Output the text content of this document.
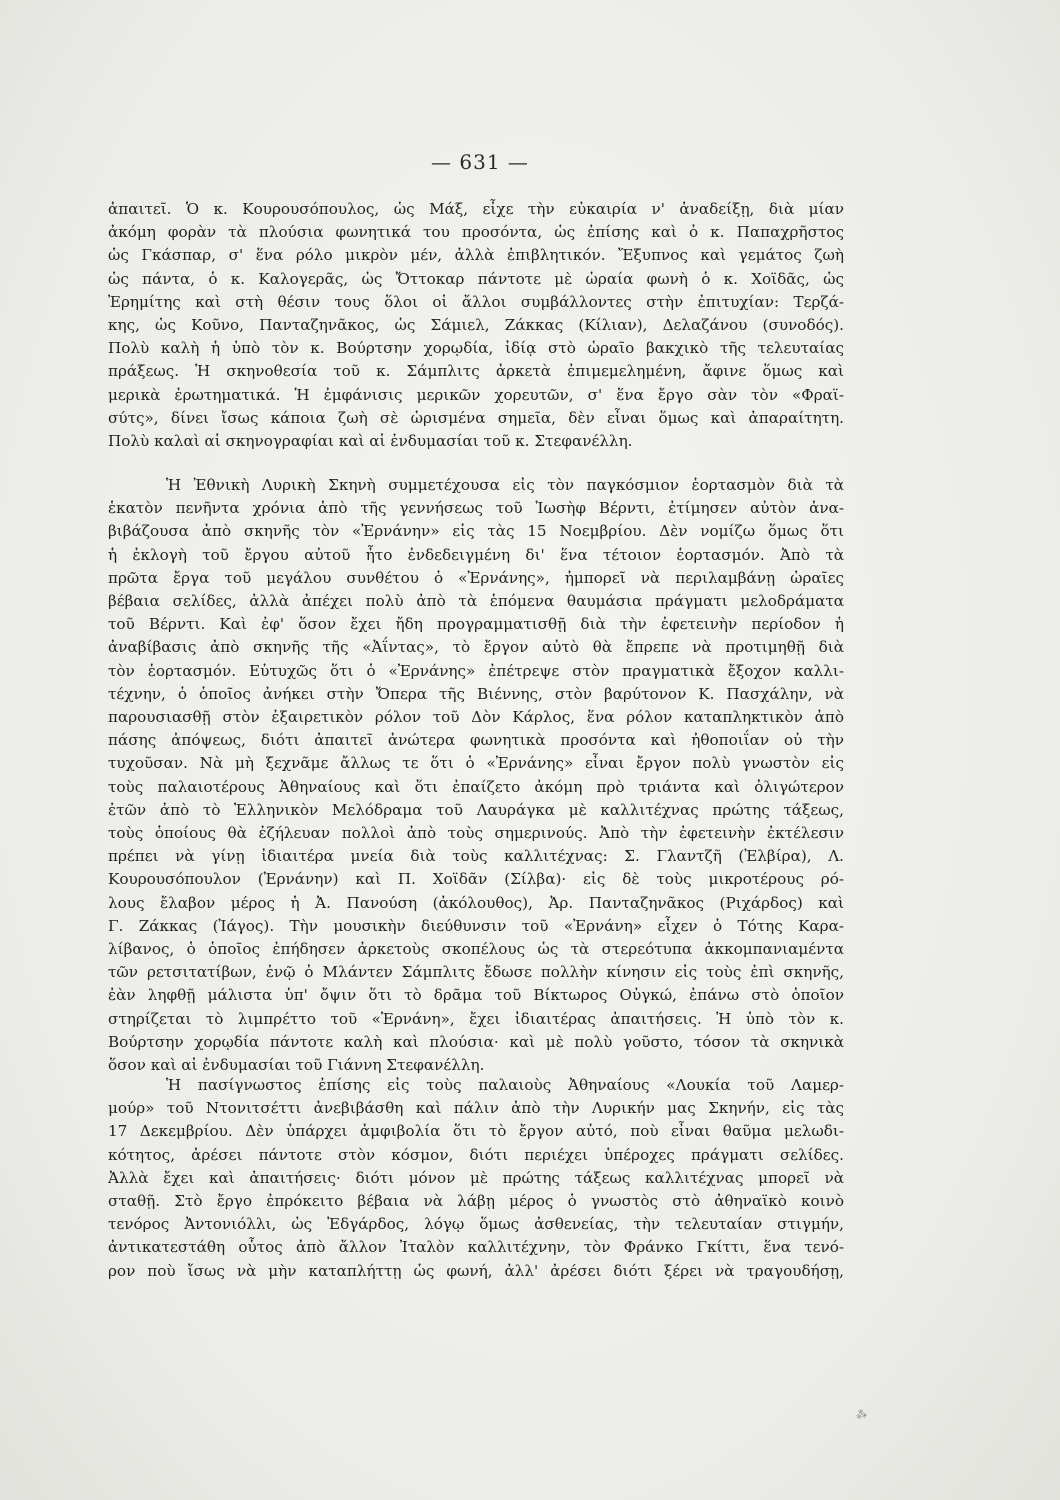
— 631 —
ἀπαιτεῖ. Ὁ κ. Κουρουσόπουλος, ὡς Μάξ, εἶχε τὴν εὐκαιρία ν' ἀναδείξῃ, διὰ μίαν
ἀκόμη φορὰν τὰ πλούσια φωνητικά του προσόντα, ὡς ἐπίσης καὶ ὁ κ. Παπαχρῆστος
ὡς Γκάσπαρ, σ' ἕνα ρόλο μικρὸν μέν, ἀλλὰ ἐπιβλητικόν. Ἔξυπνος καὶ γεμάτος ζωὴ
ὡς πάντα, ὁ κ. Καλογερᾶς, ὡς Ὄττοκαρ πάντοτε μὲ ὡραία φωνὴ ὁ κ. Χοϊδᾶς, ὡς
Ἐρημίτης καὶ στὴ θέσιν τους ὅλοι οἱ ἄλλοι συμβάλλοντες στὴν ἐπιτυχίαν: Τερζά-
κης, ὡς Κοῦνο, Πανταζηνᾶκος, ὡς Σάμιελ, Ζάκκας (Κίλιαν), Δελαζάνου (συνοδός).
Πολὺ καλὴ ἡ ὑπὸ τὸν κ. Βούρτσην χορῳδία, ἰδίᾳ στὸ ὡραῖο βακχικὸ τῆς τελευταίας
πράξεως. Ἡ σκηνοθεσία τοῦ κ. Σάμπλιτς ἀρκετὰ ἐπιμεμελημένη, ἄφινε ὅμως καὶ
μερικὰ ἐρωτηματικά. Ἡ ἐμφάνισις μερικῶν χορευτῶν, σ' ἕνα ἔργο σὰν τὸν «Φραϊ-
σύτς», δίνει ἴσως κάποια ζωὴ σὲ ὡρισμένα σημεῖα, δὲν εἶναι ὅμως καὶ ἀπαραίτητη.
Πολὺ καλαὶ αἱ σκηνογραφίαι καὶ αἱ ἐνδυμασίαι τοῦ κ. Στεφανέλλη.
Ἡ Ἐθνικὴ Λυρικὴ Σκηνὴ συμμετέχουσα εἰς τὸν παγκόσμιον ἑορτασμὸν διὰ τὰ
ἑκατὸν πενῆντα χρόνια ἀπὸ τῆς γεννήσεως τοῦ Ἰωσὴφ Βέρντι, ἐτίμησεν αὐτὸν ἀνα-
βιβάζουσα ἀπὸ σκηνῆς τὸν «Ἐρνάνην» εἰς τὰς 15 Νοεμβρίου. Δὲν νομίζω ὅμως ὅτι
ἡ ἐκλογὴ τοῦ ἔργου αὐτοῦ ἦτο ἐνδεδειγμένη δι' ἕνα τέτοιον ἑορτασμόν. Ἀπὸ τὰ
πρῶτα ἔργα τοῦ μεγάλου συνθέτου ὁ «Ἐρνάνης», ἠμπορεῖ νὰ περιλαμβάνῃ ὡραῖες
βέβαια σελίδες, ἀλλὰ ἀπέχει πολὺ ἀπὸ τὰ ἑπόμενα θαυμάσια πράγματι μελοδράματα
τοῦ Βέρντι. Καὶ ἐφ' ὅσον ἔχει ἤδη προγραμματισθῇ διὰ τὴν ἐφετεινὴν περίοδον ἡ
ἀναβίβασις ἀπὸ σκηνῆς τῆς «Ἀΐντας», τὸ ἔργον αὐτὸ θὰ ἔπρεπε νὰ προτιμηθῇ διὰ
τὸν ἑορτασμόν. Εὐτυχῶς ὅτι ὁ «Ἐρνάνης» ἐπέτρεψε στὸν πραγματικὰ ἔξοχον καλλι-
τέχνην, ὁ ὁποῖος ἀνήκει στὴν Ὄπερα τῆς Βιέννης, στὸν βαρύτονον Κ. Πασχάλην, νὰ
παρουσιασθῇ στὸν ἐξαιρετικὸν ρόλον τοῦ Δὸν Κάρλος, ἕνα ρόλον καταπληκτικὸν ἀπὸ
πάσης ἀπόψεως, διότι ἀπαιτεῖ ἀνώτερα φωνητικὰ προσόντα καὶ ἠθοποιΐαν οὐ τὴν
τυχοῦσαν. Νὰ μὴ ξεχνᾶμε ἄλλως τε ὅτι ὁ «Ἐρνάνης» εἶναι ἔργον πολὺ γνωστὸν εἰς
τοὺς παλαιοτέρους Ἀθηναίους καὶ ὅτι ἐπαίζετο ἀκόμη πρὸ τριάντα καὶ ὀλιγώτερον
ἐτῶν ἀπὸ τὸ Ἑλληνικὸν Μελόδραμα τοῦ Λαυράγκα μὲ καλλιτέχνας πρώτης τάξεως,
τοὺς ὁποίους θὰ ἐζήλευαν πολλοὶ ἀπὸ τοὺς σημερινούς. Ἀπὸ τὴν ἐφετεινὴν ἐκτέλεσιν
πρέπει νὰ γίνῃ ἰδιαιτέρα μνεία διὰ τοὺς καλλιτέχνας: Σ. Γλαντζῆ (Ἐλβίρα), Λ.
Κουρουσόπουλον (Ἐρνάνην) καὶ Π. Χοϊδᾶν (Σίλβα)· εἰς δὲ τοὺς μικροτέρους ρό-
λους ἔλαβον μέρος ἡ Ἀ. Πανούση (ἀκόλουθος), Ἀρ. Πανταζηνᾶκος (Ριχάρδος) καὶ
Γ. Ζάκκας (Ἰάγος). Τὴν μουσικὴν διεύθυνσιν τοῦ «Ἐρνάνη» εἶχεν ὁ Τότης Καρα-
λίβανος, ὁ ὁποῖος ἐπήδησεν ἀρκετοὺς σκοπέλους ὡς τὰ στερεότυπα ἀκκομπανιαμέντα
τῶν ρετσιτατίβων, ἐνῷ ὁ Μλάντεν Σάμπλιτς ἔδωσε πολλὴν κίνησιν εἰς τοὺς ἐπὶ σκηνῆς,
ἐὰν ληφθῇ μάλιστα ὑπ' ὄψιν ὅτι τὸ δρᾶμα τοῦ Βίκτωρος Οὐγκώ, ἐπάνω στὸ ὁποῖον
στηρίζεται τὸ λιμπρέττο τοῦ «Ἐρνάνη», ἔχει ἰδιαιτέρας ἀπαιτήσεις. Ἡ ὑπὸ τὸν κ.
Βούρτσην χορῳδία πάντοτε καλὴ καὶ πλούσια· καὶ μὲ πολὺ γοῦστο, τόσον τὰ σκηνικὰ
ὅσον καὶ αἱ ἐνδυμασίαι τοῦ Γιάννη Στεφανέλλη.
Ἡ πασίγνωστος ἐπίσης εἰς τοὺς παλαιοὺς Ἀθηναίους «Λουκία τοῦ Λαμερ-
μούρ» τοῦ Ντονιτσέττι ἀνεβιβάσθη καὶ πάλιν ἀπὸ τὴν Λυρικήν μας Σκηνήν, εἰς τὰς
17 Δεκεμβρίου. Δὲν ὑπάρχει ἀμφιβολία ὅτι τὸ ἔργον αὐτό, ποὺ εἶναι θαῦμα μελωδι-
κότητος, ἀρέσει πάντοτε στὸν κόσμον, διότι περιέχει ὑπέροχες πράγματι σελίδες.
Ἀλλὰ ἔχει καὶ ἀπαιτήσεις· διότι μόνον μὲ πρώτης τάξεως καλλιτέχνας μπορεῖ νὰ
σταθῇ. Στὸ ἔργο ἐπρόκειτο βέβαια νὰ λάβῃ μέρος ὁ γνωστὸς στὸ ἀθηναϊκὸ κοινὸ
τενόρος Ἀντονιόλλι, ὡς Ἐδγάρδος, λόγῳ ὅμως ἀσθενείας, τὴν τελευταίαν στιγμήν,
ἀντικατεστάθη οὗτος ἀπὸ ἄλλον Ἰταλὸν καλλιτέχνην, τὸν Φράνκο Γκίττι, ἕνα τενό-
ρον ποὺ ἴσως νὰ μὴν καταπλήττῃ ὡς φωνή, ἀλλ' ἀρέσει διότι ξέρει νὰ τραγουδήσῃ,
⁂
